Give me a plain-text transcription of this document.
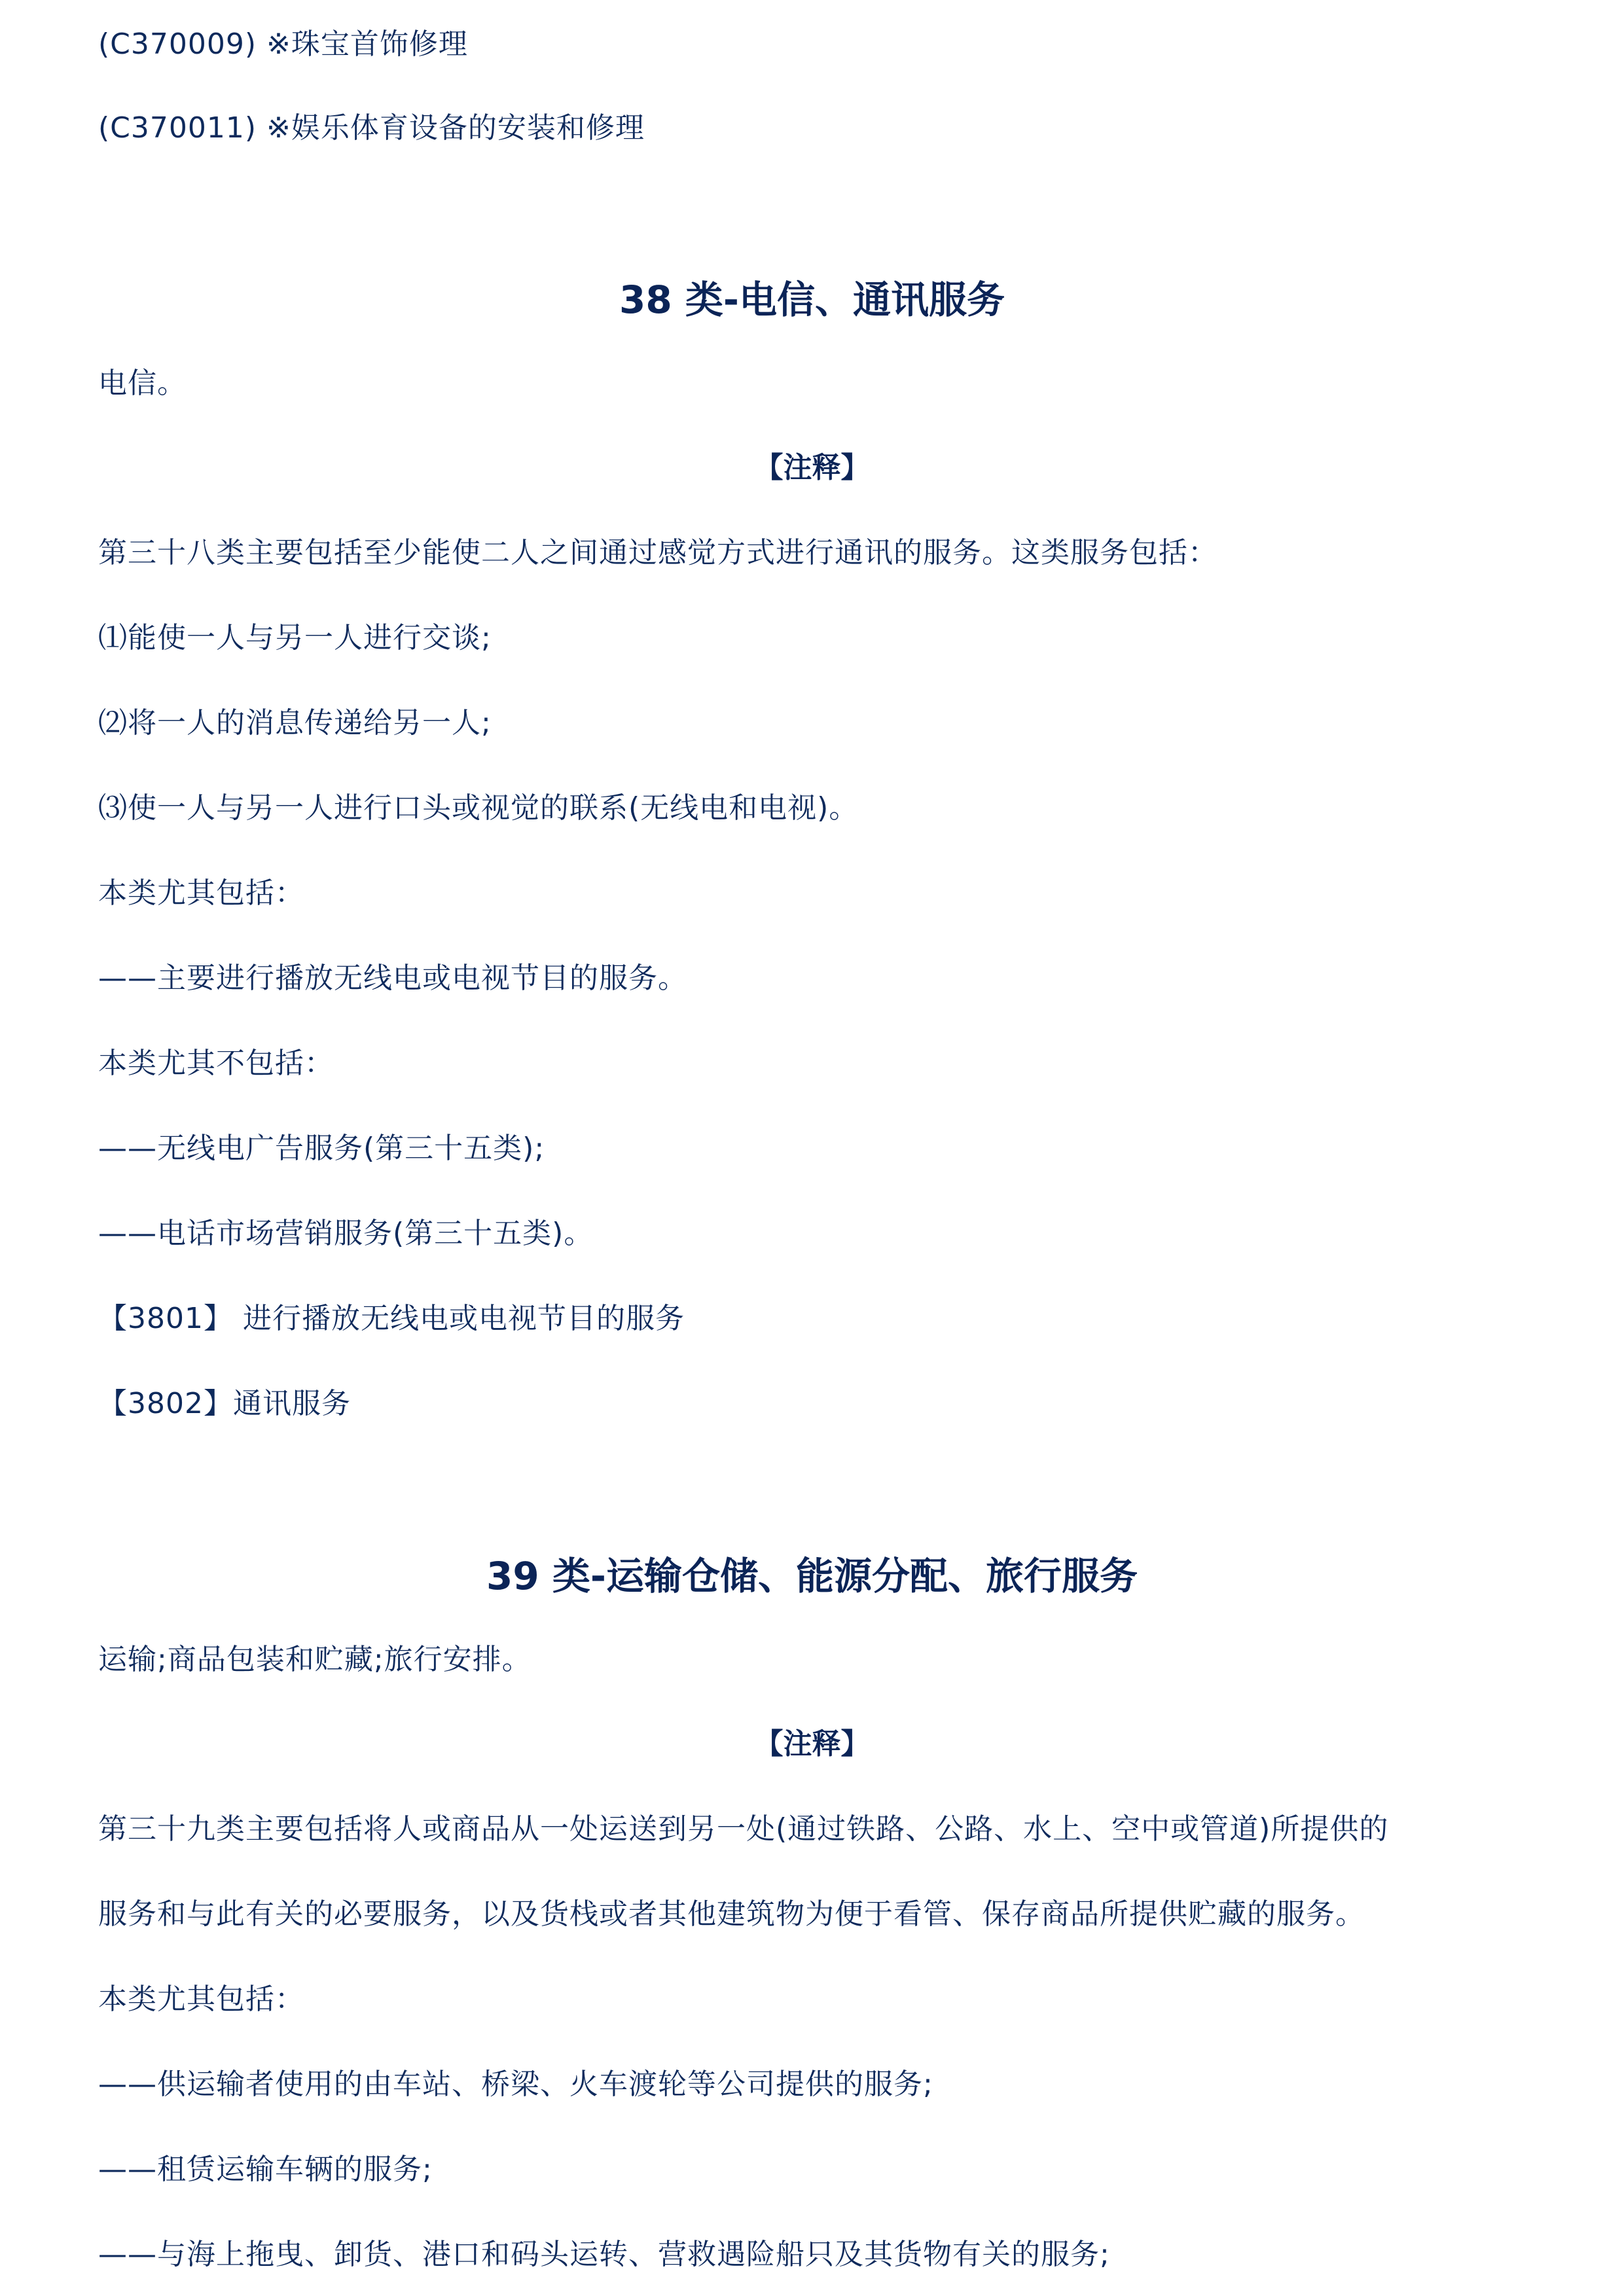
(C370009) ※珠宝首饰修理
(C370011) ※娱乐体育设备的安装和修理
38 类-电信、通讯服务
电信。
【注释】
第三十八类主要包括至少能使二人之间通过感觉方式进行通讯的服务。这类服务包括：
⑴能使一人与另一人进行交谈;
⑵将一人的消息传递给另一人;
⑶使一人与另一人进行口头或视觉的联系(无线电和电视)。
本类尤其包括：
——主要进行播放无线电或电视节目的服务。
本类尤其不包括：
——无线电广告服务(第三十五类);
——电话市场营销服务(第三十五类)。
【3801】 进行播放无线电或电视节目的服务
【3802】通讯服务
39 类-运输仓储、能源分配、旅行服务
运输;商品包装和贮藏;旅行安排。
【注释】
第三十九类主要包括将人或商品从一处运送到另一处(通过铁路、公路、水上、空中或管道)所提供的
服务和与此有关的必要服务，以及货栈或者其他建筑物为便于看管、保存商品所提供贮藏的服务。
本类尤其包括：
——供运输者使用的由车站、桥梁、火车渡轮等公司提供的服务;
——租赁运输车辆的服务;
——与海上拖曳、卸货、港口和码头运转、营救遇险船只及其货物有关的服务;
